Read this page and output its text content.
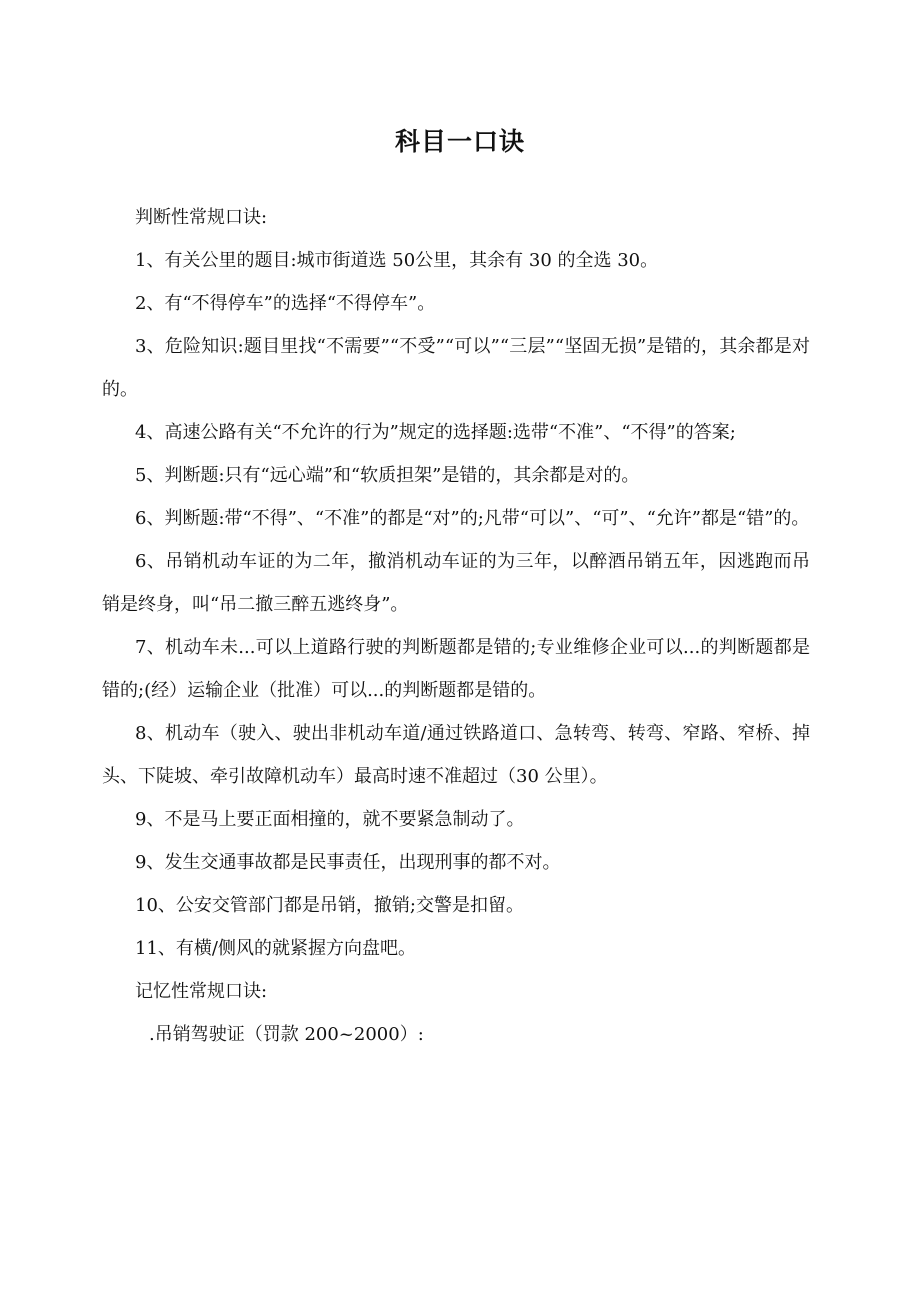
科目一口诀

判断性常规口诀:

1、有关公里的题目:城市街道选 50公里，其余有 30 的全选 30。

2、有“不得停车”的选择“不得停车”。

3、危险知识:题目里找“不需要”“不受”“可以”“三层”“坚固无损”是错的，其余都是对的。

4、高速公路有关“不允许的行为”规定的选择题:选带“不准”、“不得”的答案;

5、判断题:只有“远心端”和“软质担架”是错的，其余都是对的。

6、判断题:带“不得”、“不准”的都是“对”的;凡带“可以”、“可”、“允许”都是“错”的。

6、吊销机动车证的为二年，撤消机动车证的为三年，以醉酒吊销五年，因逃跑而吊销是终身，叫“吊二撤三醉五逃终身”。

7、机动车未...可以上道路行驶的判断题都是错的;专业维修企业可以...的判断题都是错的;(经）运输企业（批准）可以...的判断题都是错的。

8、机动车（驶入、驶出非机动车道/通过铁路道口、急转弯、转弯、窄路、窄桥、掉头、下陡坡、牵引故障机动车）最高时速不准超过（30 公里）。

9、不是马上要正面相撞的，就不要紧急制动了。

9、发生交通事故都是民事责任，出现刑事的都不对。

10、公安交管部门都是吊销，撤销;交警是扣留。

11、有横/侧风的就紧握方向盘吧。

记忆性常规口诀:

.吊销驾驶证（罚款 200~2000）:
